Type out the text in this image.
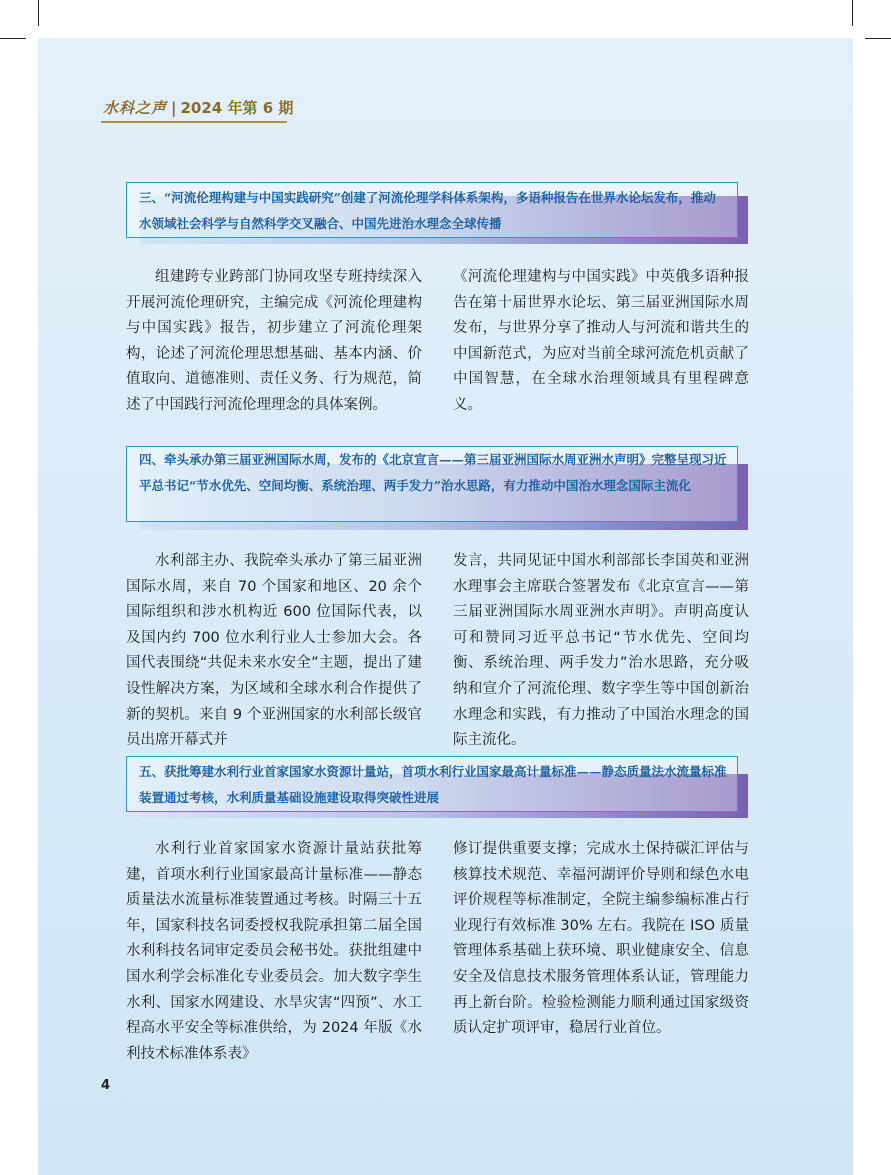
水科之声 | 2024 年第 6 期
三、“河流伦理构建与中国实践研究”创建了河流伦理学科体系架构，多语种报告在世界水论坛发布，推动水领域社会科学与自然科学交叉融合、中国先进治水理念全球传播

组建跨专业跨部门协同攻坚专班持续深入开展河流伦理研究，主编完成《河流伦理建构与中国实践》报告，初步建立了河流伦理架构，论述了河流伦理思想基础、基本内涵、价值取向、道德准则、责任义务、行为规范，简述了中国践行河流伦理理念的具体案例。

《河流伦理建构与中国实践》中英俄多语种报告在第十届世界水论坛、第三届亚洲国际水周发布，与世界分享了推动人与河流和谐共生的中国新范式，为应对当前全球河流危机贡献了中国智慧，在全球水治理领域具有里程碑意义。

四、牵头承办第三届亚洲国际水周，发布的《北京宣言——第三届亚洲国际水周亚洲水声明》完整呈现习近平总书记“节水优先、空间均衡、系统治理、两手发力”治水思路，有力推动中国治水理念国际主流化

水利部主办、我院牵头承办了第三届亚洲国际水周，来自 70 个国家和地区、20 余个国际组织和涉水机构近 600 位国际代表，以及国内约 700 位水利行业人士参加大会。各国代表围绕“共促未来水安全”主题，提出了建设性解决方案，为区域和全球水利合作提供了新的契机。来自 9 个亚洲国家的水利部长级官员出席开幕式并

发言，共同见证中国水利部部长李国英和亚洲水理事会主席联合签署发布《北京宣言——第三届亚洲国际水周亚洲水声明》。声明高度认可和赞同习近平总书记“节水优先、空间均衡、系统治理、两手发力”治水思路，充分吸纳和宣介了河流伦理、数字孪生等中国创新治水理念和实践，有力推动了中国治水理念的国际主流化。

五、获批筹建水利行业首家国家水资源计量站，首项水利行业国家最高计量标准——静态质量法水流量标准装置通过考核，水利质量基础设施建设取得突破性进展

水利行业首家国家水资源计量站获批筹建，首项水利行业国家最高计量标准——静态质量法水流量标准装置通过考核。时隔三十五年，国家科技名词委授权我院承担第二届全国水利科技名词审定委员会秘书处。获批组建中国水利学会标准化专业委员会。加大数字孪生水利、国家水网建设、水旱灾害“四预”、水工程高水平安全等标准供给，为 2024 年版《水利技术标准体系表》

修订提供重要支撑；完成水土保持碳汇评估与核算技术规范、幸福河湖评价导则和绿色水电评价规程等标准制定，全院主编参编标准占行业现行有效标准 30% 左右。我院在 ISO 质量管理体系基础上获环境、职业健康安全、信息安全及信息技术服务管理体系认证，管理能力再上新台阶。检验检测能力顺利通过国家级资质认定扩项评审，稳居行业首位。

4
